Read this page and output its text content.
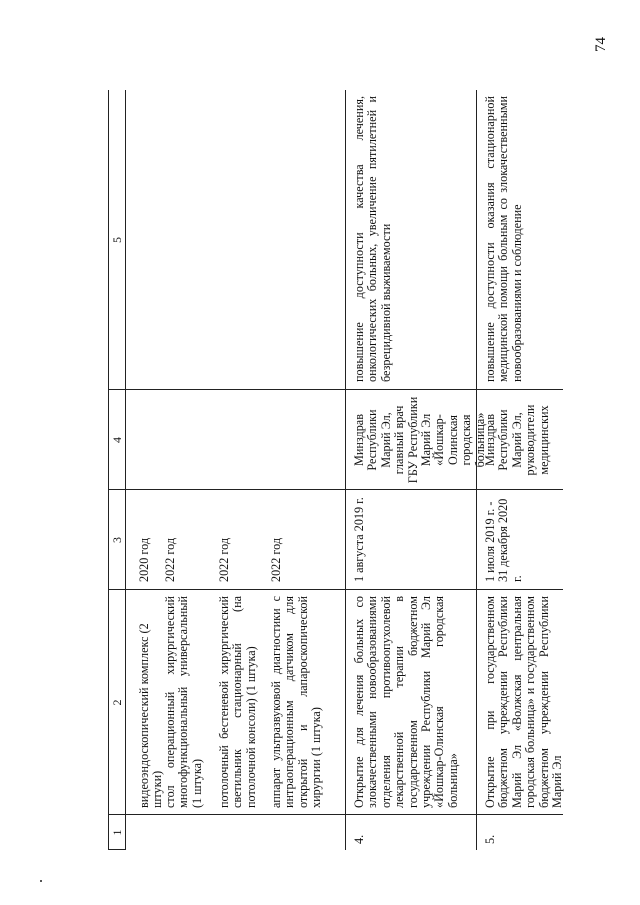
74
1
2
3
4
5
видеоэндоскопический комплекс (2 штуки)
2020 год
стол операционный хирургический многофункциональный универсальный (1 штука)
2022 год
потолочный бестеневой хирургический светильник стационарный (на потолочной консоли) (1 штука)
2022 год
аппарат ультразвуковой диагностики с интраоперационным датчиком для открытой и лапароскопической хирургии (1 штука)
2022 год
4.
Открытие для лечения больных со злокачественными новообразованиями отделения противоопухолевой лекарственной терапии в государственном бюджетном учреждении Республики Марий Эл «Йошкар-Олинская городская больница»
1 августа 2019 г.
Минздрав Республики Марий Эл, главный врач ГБУ Республики Марий Эл «Йошкар-Олинская городская больница»
повышение доступности качества лечения, онкологических больных, увеличение пятилетней и безрецидивной выживаемости
5.
Открытие при государственном бюджетном учреждении Республики Марий Эл «Волжская центральная городская больница» и государственном бюджетном учреждении Республики Марий Эл
1 июля 2019 г. - 31 декабря 2020 г.
Минздрав Республики Марий Эл, руководители медицинских
повышение доступности оказания стационарной медицинской помощи больным со злокачественными новообразованиями и соблюдение
